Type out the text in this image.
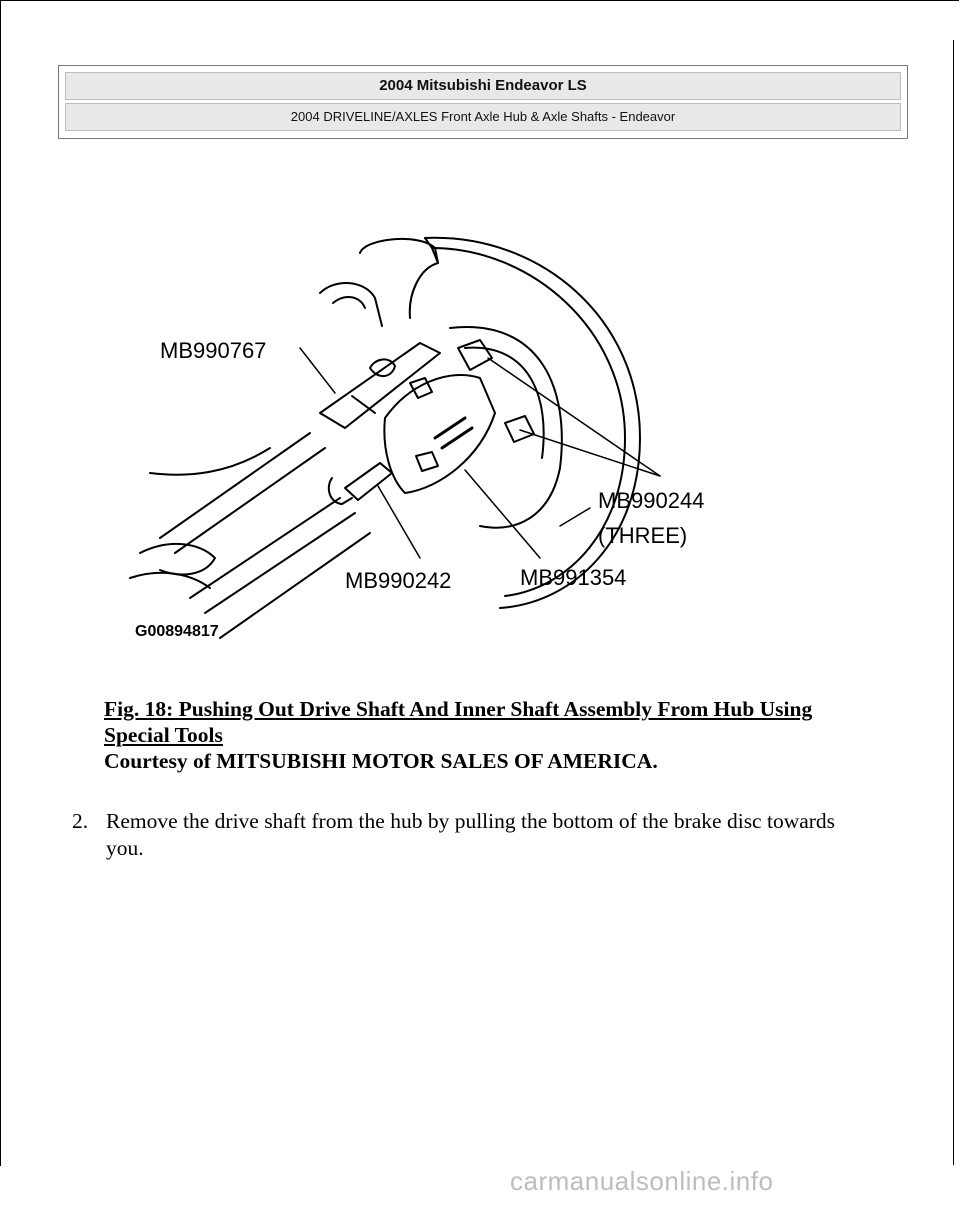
2004 Mitsubishi Endeavor LS
2004 DRIVELINE/AXLES Front Axle Hub & Axle Shafts - Endeavor
MB990767
MB990244
(THREE)
MB990242	MB991354
G00894817
Fig. 18: Pushing Out Drive Shaft And Inner Shaft Assembly From Hub Using Special Tools
Courtesy of MITSUBISHI MOTOR SALES OF AMERICA.
2. Remove the drive shaft from the hub by pulling the bottom of the brake disc towards you.
carmanualsonline.info
